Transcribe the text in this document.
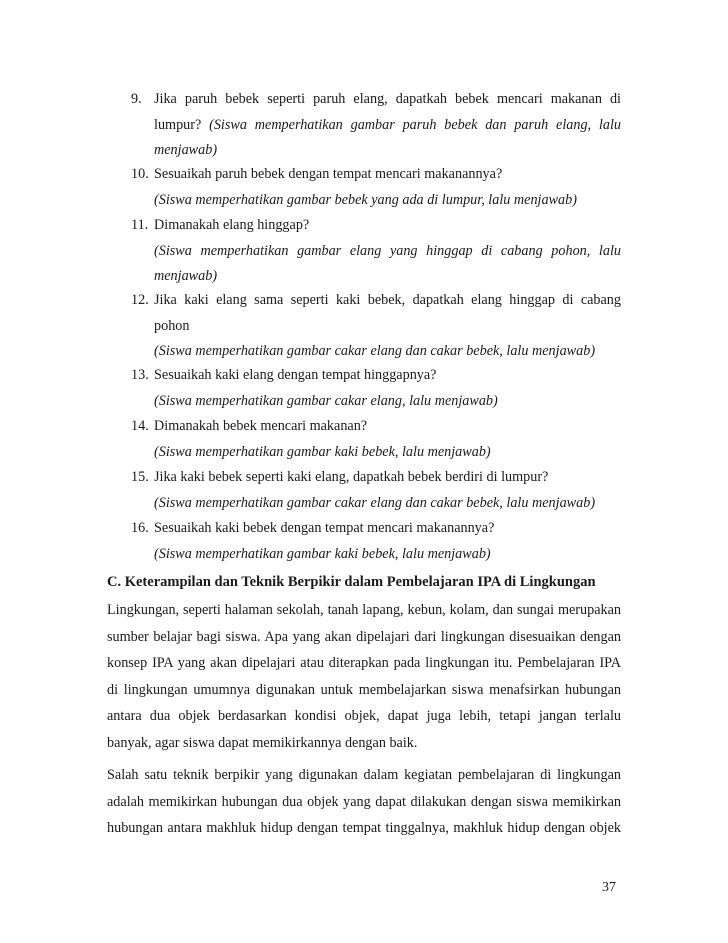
9. Jika paruh bebek seperti paruh elang, dapatkah bebek mencari makanan di
lumpur? (Siswa memperhatikan gambar paruh bebek dan paruh elang, lalu
menjawab)
10. Sesuaikah paruh bebek dengan tempat mencari makanannya?
(Siswa memperhatikan gambar bebek yang ada di lumpur, lalu menjawab)
11. Dimanakah elang hinggap?
(Siswa memperhatikan gambar elang yang hinggap di cabang pohon, lalu
menjawab)
12. Jika kaki elang sama seperti kaki bebek, dapatkah elang hinggap di cabang
pohon
(Siswa memperhatikan gambar cakar elang dan cakar bebek, lalu menjawab)
13. Sesuaikah kaki elang dengan tempat hinggapnya?
(Siswa memperhatikan gambar cakar elang, lalu menjawab)
14. Dimanakah bebek mencari makanan?
(Siswa memperhatikan gambar kaki bebek, lalu menjawab)
15. Jika kaki bebek seperti kaki elang, dapatkah bebek berdiri di lumpur?
(Siswa memperhatikan gambar cakar elang dan cakar bebek, lalu menjawab)
16. Sesuaikah kaki bebek dengan tempat mencari makanannya?
(Siswa memperhatikan gambar kaki bebek, lalu menjawab)
C. Keterampilan dan Teknik Berpikir dalam Pembelajaran IPA di Lingkungan
Lingkungan, seperti halaman sekolah, tanah lapang, kebun, kolam, dan sungai merupakan
sumber belajar bagi siswa. Apa yang akan dipelajari dari lingkungan disesuaikan dengan
konsep IPA yang akan dipelajari atau diterapkan pada lingkungan itu. Pembelajaran IPA
di lingkungan umumnya digunakan untuk membelajarkan siswa menafsirkan hubungan
antara dua objek berdasarkan kondisi objek, dapat juga lebih, tetapi jangan terlalu
banyak, agar siswa dapat memikirkannya dengan baik.
Salah satu teknik berpikir yang digunakan dalam kegiatan pembelajaran di lingkungan
adalah memikirkan hubungan dua objek yang dapat dilakukan dengan siswa memikirkan
hubungan antara makhluk hidup dengan tempat tinggalnya, makhluk hidup dengan objek
37
